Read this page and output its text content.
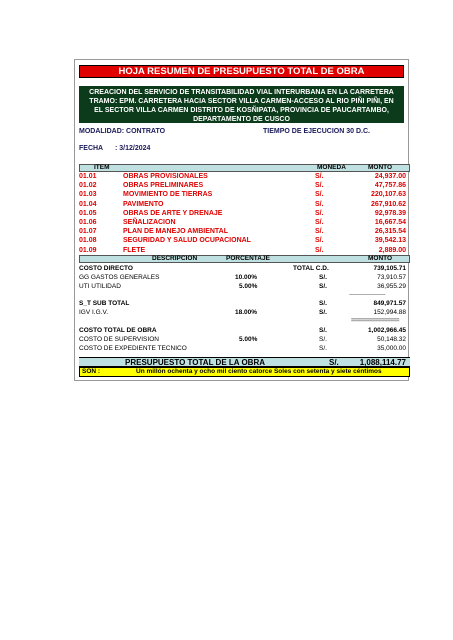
HOJA RESUMEN DE PRESUPUESTO TOTAL DE OBRA
CREACION DEL SERVICIO DE TRANSITABILIDAD VIAL INTERURBANA EN LA CARRETERA TRAMO: EPM. CARRETERA HACIA SECTOR VILLA CARMEN-ACCESO AL RIO PIÑI PIÑI, EN EL SECTOR VILLA CARMEN DISTRITO DE KOSÑIPATA, PROVINCIA DE PAUCARTAMBO, DEPARTAMENTO DE CUSCO
MODALIDAD: CONTRATO	TIEMPO DE EJECUCION 30 D.C.
FECHA : 3/12/2024
ITEM	MONEDA	MONTO
01.01	OBRAS PROVISIONALES	S/.	24,937.00
01.02	OBRAS PRELIMINARES	S/.	47,757.86
01.03	MOVIMIENTO DE TIERRAS	S/.	220,107.63
01.04	PAVIMENTO	S/.	267,910.62
01.05	OBRAS DE ARTE Y DRENAJE	S/.	92,978.39
01.06	SEÑALIZACION	S/.	16,667.54
01.07	PLAN DE MANEJO AMBIENTAL	S/.	26,315.54
01.08	SEGURIDAD Y SALUD OCUPACIONAL	S/.	39,542.13
01.09	FLETE	S/.	2,889.00
DESCRIPCION	PORCENTAJE	MONTO
COSTO DIRECTO	TOTAL C.D.	739,105.71
GG GASTOS GENERALES	10.00%	S/.	73,910.57
UTI UTILIDAD	5.00%	S/.	36,955.29
------------------------
S_T SUB TOTAL	S/.	849,971.57
IGV I.G.V.	18.00%	S/.	152,994.88
================
COSTO TOTAL DE OBRA	S/.	1,002,966.45
COSTO DE SUPERVISION	5.00%	S/.	50,148.32
COSTO DE EXPEDIENTE TECNICO	S/.	35,000.00
PRESUPUESTO TOTAL DE LA OBRA	S/.	1,088,114.77
SON :	Un millón ochenta y ocho mil ciento catorce Soles con setenta y siete céntimos
